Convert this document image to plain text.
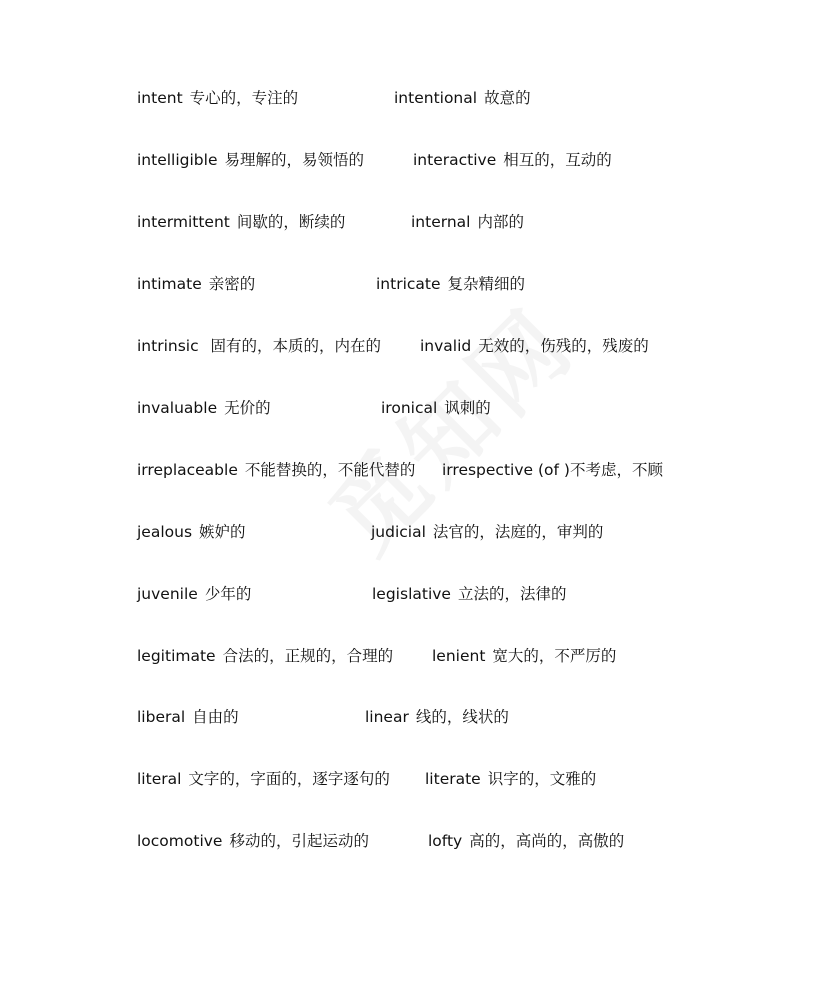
intent 专心的，专注的	intentional 故意的
intelligible 易理解的，易领悟的	interactive 相互的，互动的
intermittent 间歇的，断续的	internal 内部的
intimate 亲密的	intricate 复杂精细的
intrinsic 固有的，本质的，内在的	invalid 无效的，伤残的，残废的
invaluable 无价的	ironical 讽刺的
irreplaceable 不能替换的，不能代替的 irrespective (of )不考虑，不顾
jealous 嫉妒的	judicial 法官的，法庭的，审判的
juvenile 少年的	legislative 立法的，法律的
legitimate 合法的，正规的，合理的	lenient 宽大的，不严厉的
liberal 自由的	linear 线的，线状的
literal 文字的，字面的，逐字逐句的 literate 识字的，文雅的
locomotive 移动的，引起运动的	lofty 高的，高尚的，高傲的
